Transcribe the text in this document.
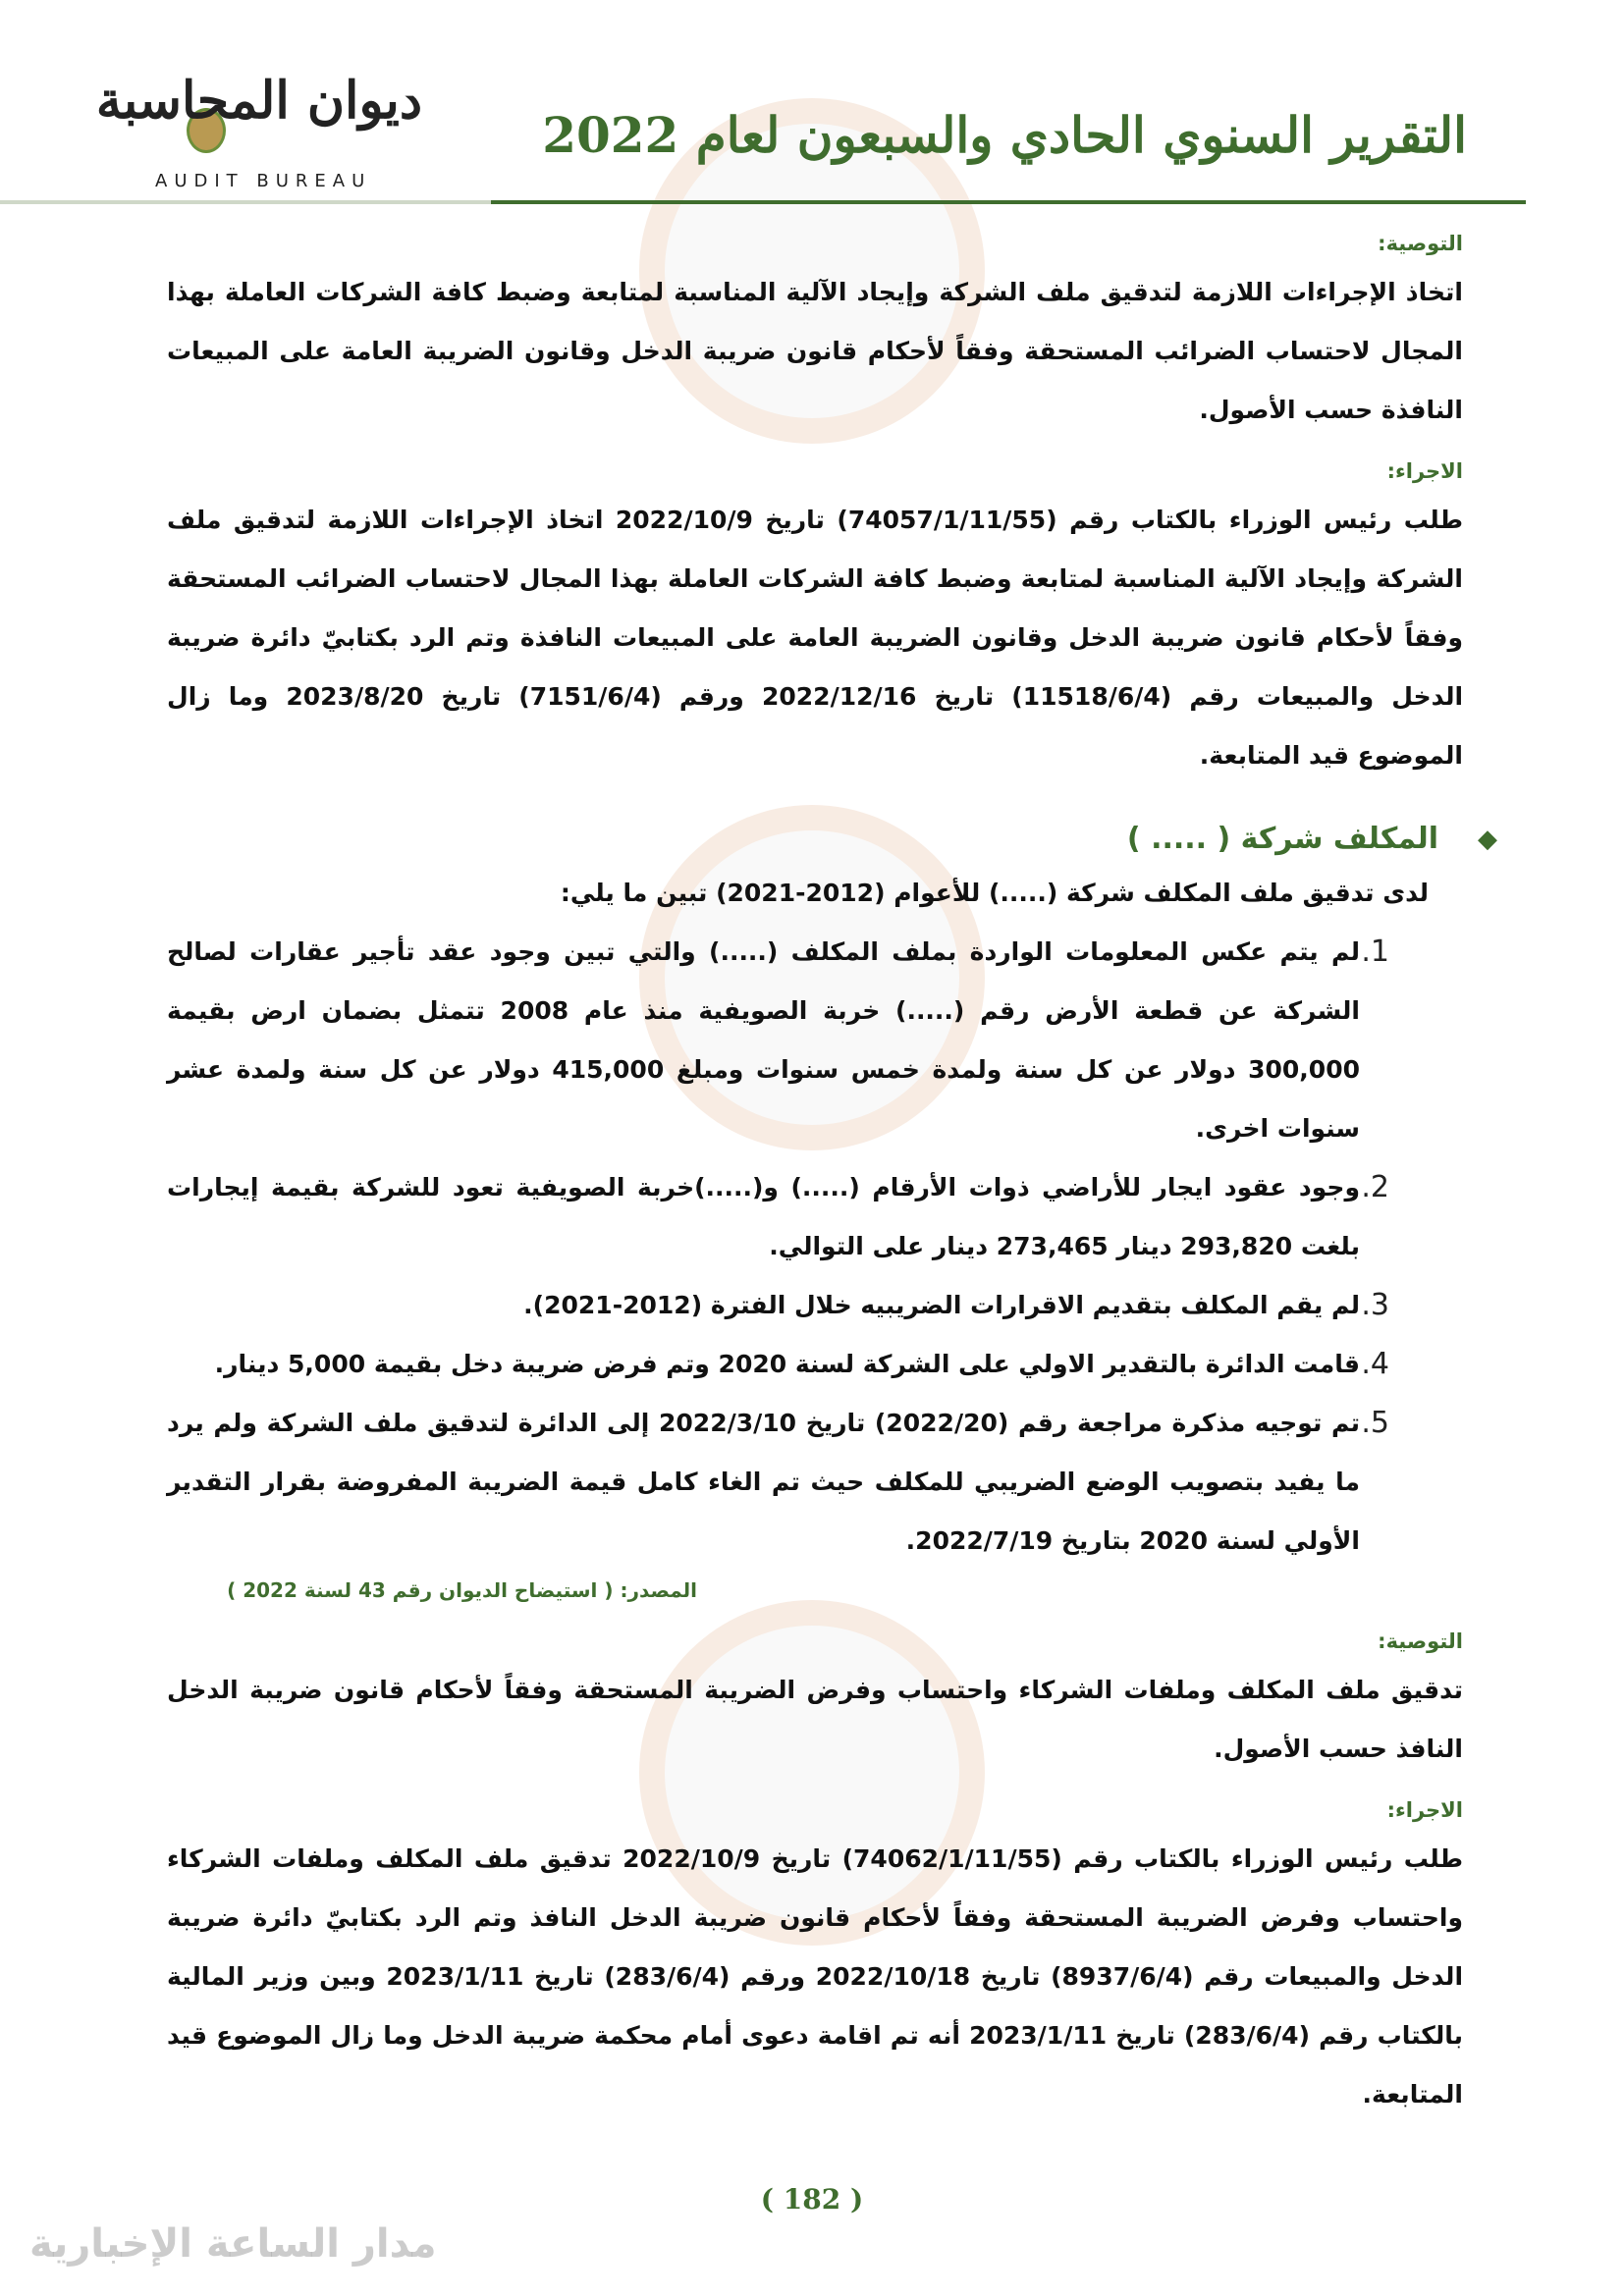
ديوان المحاسبة
AUDIT BUREAU
التقرير السنوي الحادي والسبعون لعام 2022
التوصية:
اتخاذ الإجراءات اللازمة لتدقيق ملف الشركة وإيجاد الآلية المناسبة لمتابعة وضبط كافة الشركات العاملة بهذا المجال لاحتساب الضرائب المستحقة وفقاً لأحكام قانون ضريبة الدخل وقانون الضريبة العامة على المبيعات النافذة حسب الأصول.
الاجراء:
طلب رئيس الوزراء بالكتاب رقم (74057/1/11/55) تاريخ 2022/10/9 اتخاذ الإجراءات اللازمة لتدقيق ملف الشركة وإيجاد الآلية المناسبة لمتابعة وضبط كافة الشركات العاملة بهذا المجال لاحتساب الضرائب المستحقة وفقاً لأحكام قانون ضريبة الدخل وقانون الضريبة العامة على المبيعات النافذة وتم الرد بكتابيّ دائرة ضريبة الدخل والمبيعات رقم (11518/6/4) تاريخ 2022/12/16 ورقم (7151/6/4) تاريخ 2023/8/20 وما زال الموضوع قيد المتابعة.
◆
المكلف شركة ( ..... )
لدى تدقيق ملف المكلف شركة (.....) للأعوام (2012-2021) تبين ما يلي:
1.
لم يتم عكس المعلومات الواردة بملف المكلف (.....) والتي تبين وجود عقد تأجير عقارات لصالح الشركة عن قطعة الأرض رقم (.....) خربة الصويفية منذ عام 2008 تتمثل بضمان ارض بقيمة 300,000 دولار عن كل سنة ولمدة خمس سنوات ومبلغ 415,000 دولار عن كل سنة ولمدة عشر سنوات اخرى.
2.
وجود عقود ايجار للأراضي ذوات الأرقام (.....) و(.....)خربة الصويفية تعود للشركة بقيمة إيجارات بلغت 293,820 دينار 273,465 دينار على التوالي.
3.
لم يقم المكلف بتقديم الاقرارات الضريبيه خلال الفترة (2012-2021).
4.
قامت الدائرة بالتقدير الاولي على الشركة لسنة 2020 وتم فرض ضريبة دخل بقيمة 5,000 دينار.
5.
تم توجيه مذكرة مراجعة رقم (2022/20) تاريخ 2022/3/10 إلى الدائرة لتدقيق ملف الشركة ولم يرد ما يفيد بتصويب الوضع الضريبي للمكلف حيث تم الغاء كامل قيمة الضريبة المفروضة بقرار التقدير الأولي لسنة 2020 بتاريخ 2022/7/19.
المصدر: ( استيضاح الديوان رقم 43 لسنة 2022 )
التوصية:
تدقيق ملف المكلف وملفات الشركاء واحتساب وفرض الضريبة المستحقة وفقاً لأحكام قانون ضريبة الدخل النافذ حسب الأصول.
الاجراء:
طلب رئيس الوزراء بالكتاب رقم (74062/1/11/55) تاريخ 2022/10/9 تدقيق ملف المكلف وملفات الشركاء واحتساب وفرض الضريبة المستحقة وفقاً لأحكام قانون ضريبة الدخل النافذ وتم الرد بكتابيّ دائرة ضريبة الدخل والمبيعات رقم (8937/6/4) تاريخ 2022/10/18 ورقم (283/6/4) تاريخ 2023/1/11 وبين وزير المالية بالكتاب رقم (283/6/4) تاريخ 2023/1/11 أنه تم اقامة دعوى أمام محكمة ضريبة الدخل وما زال الموضوع قيد المتابعة.
( 182 )
مدار الساعة الإخبارية
